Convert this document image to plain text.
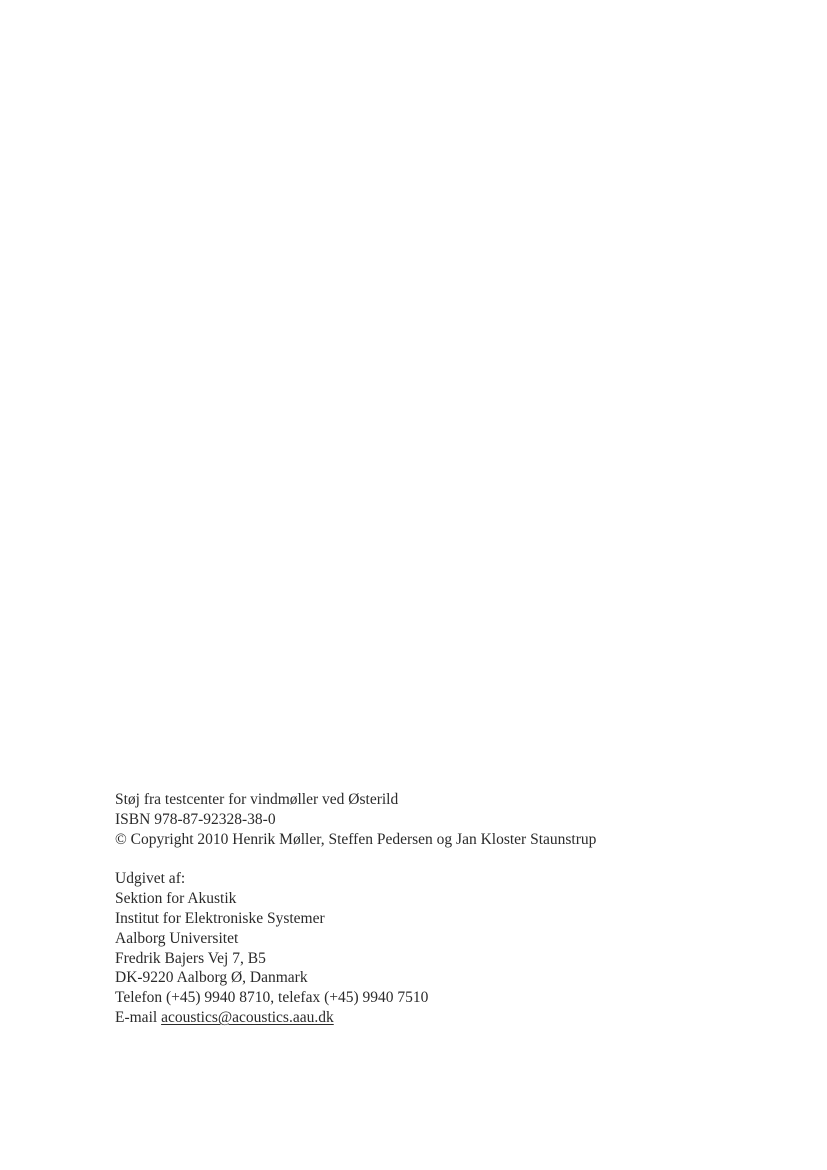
Støj fra testcenter for vindmøller ved Østerild

ISBN 978-87-92328-38-0

© Copyright 2010 Henrik Møller, Steffen Pedersen og Jan Kloster Staunstrup

Udgivet af:

Sektion for Akustik

Institut for Elektroniske Systemer

Aalborg Universitet

Fredrik Bajers Vej 7, B5

DK-9220 Aalborg Ø, Danmark

Telefon (+45) 9940 8710, telefax (+45) 9940 7510

E-mail acoustics@acoustics.aau.dk
